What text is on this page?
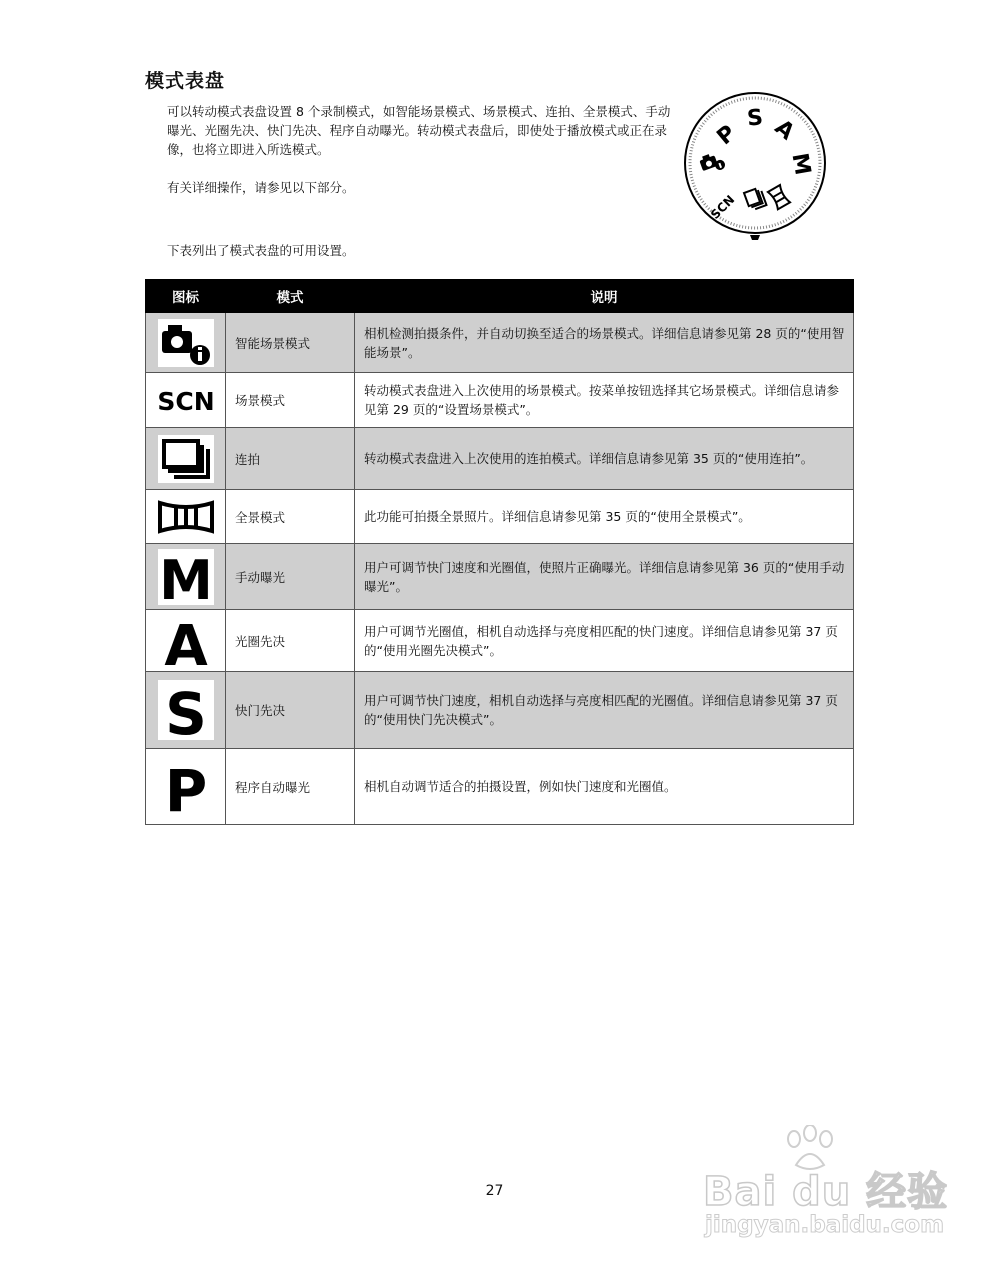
模式表盘
可以转动模式表盘设置 8 个录制模式，如智能场景模式、场景模式、连拍、全景模式、手动曝光、光圈先决、快门先决、程序自动曝光。转动模式表盘后，即使处于播放模式或正在录像，也将立即进入所选模式。
有关详细操作，请参见以下部分。
下表列出了模式表盘的可用设置。
P
S A
M
SCN
图标	模式	说明

	智能场景模式	相机检测拍摄条件，并自动切换至适合的场景模式。详细信息请参见第 28 页的“使用智能场景”。

SCN	场景模式	转动模式表盘进入上次使用的场景模式。按菜单按钮选择其它场景模式。详细信息请参见第 29 页的“设置场景模式”。

	连拍	转动模式表盘进入上次使用的连拍模式。详细信息请参见第 35 页的“使用连拍”。

	全景模式	此功能可拍摄全景照片。详细信息请参见第 35 页的“使用全景模式”。

M	手动曝光	用户可调节快门速度和光圈值，使照片正确曝光。详细信息请参见第 36 页的“使用手动曝光”。

A	光圈先决	用户可调节光圈值，相机自动选择与亮度相匹配的快门速度。详细信息请参见第 37 页的“使用光圈先决模式”。

S	快门先决	用户可调节快门速度，相机自动选择与亮度相匹配的光圈值。详细信息请参见第 37 页的“使用快门先决模式”。

P	程序自动曝光	相机自动调节适合的拍摄设置，例如快门速度和光圈值。
27	Bai du 经验
jingyan.baidu.com
